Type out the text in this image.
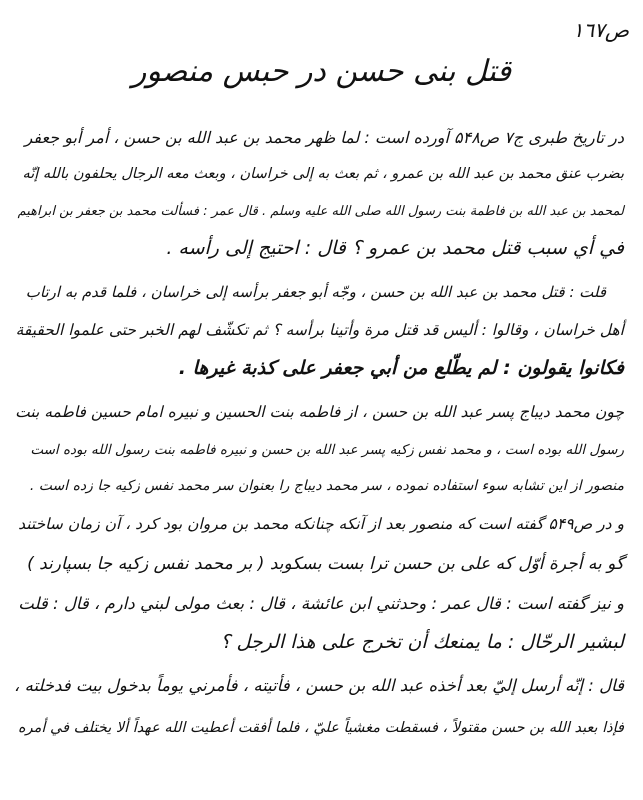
ص١٦٧
قتل بنی حسن در حبس منصور
در تاریخ طبری ج۷ ص۵۴۸ آورده است : لما ظهر محمد بن عبد الله بن حسن ، أمر أبو جعفر
بضرب عنق محمد بن عبد الله بن عمرو ، ثم بعث به إلى خراسان ، وبعث معه الرجال يحلفون بالله إنّه
لمحمد بن عبد الله بن فاطمة بنت رسول الله صلى الله عليه وسلم . قال عمر : فسألت محمد بن جعفر بن ابراهيم
في أي سبب قتل محمد بن عمرو ؟ قال : احتيج إلى رأسه .
قلت : قتل محمد بن عبد الله بن حسن ، وجّه أبو جعفر برأسه إلى خراسان ، فلما قدم به ارتاب
أهل خراسان ، وقالوا : أليس قد قتل مرة وأتينا برأسه ؟ ثم تكشّف لهم الخبر حتى علموا الحقيقة
فكانوا يقولون : لم يطّلع من أبي جعفر على كذبة غيرها .
چون محمد ديباج پسر عبد الله بن حسن ، از فاطمه بنت الحسين و نبيره امام حسين فاطمه بنت
رسول الله بوده است ، و محمد نفس زكيه پسر عبد الله بن حسن و نبيره فاطمه بنت رسول الله بوده است
منصور از اين تشابه سوء استفاده نموده ، سر محمد ديباج را بعنوان سر محمد نفس زكيه جا زده است .
و در ص۵۴۹ گفته است كه منصور بعد از آنكه چنانكه محمد بن مروان بود كرد ، آن زمان ساختند
گو به أجرة أوّل كه على بن حسن ترا بست بسكوبد ( بر محمد نفس زكيه جا بسپارند )
و نيز گفته است : قال عمر : وحدثني ابن عائشة ، قال : بعث مولى لبني دارم ، قال : قلت
لبشير الرحّال : ما يمنعك أن تخرج على هذا الرجل ؟
قال : إنّه أرسل إليّ بعد أخذه عبد الله بن حسن ، فأتيته ، فأمرني يوماً بدخول بيت فدخلته ،
فإذا بعبد الله بن حسن مقتولاً ، فسقطت مغشياً عليّ ، فلما أفقت أعطيت الله عهداً ألا يختلف في أمره
